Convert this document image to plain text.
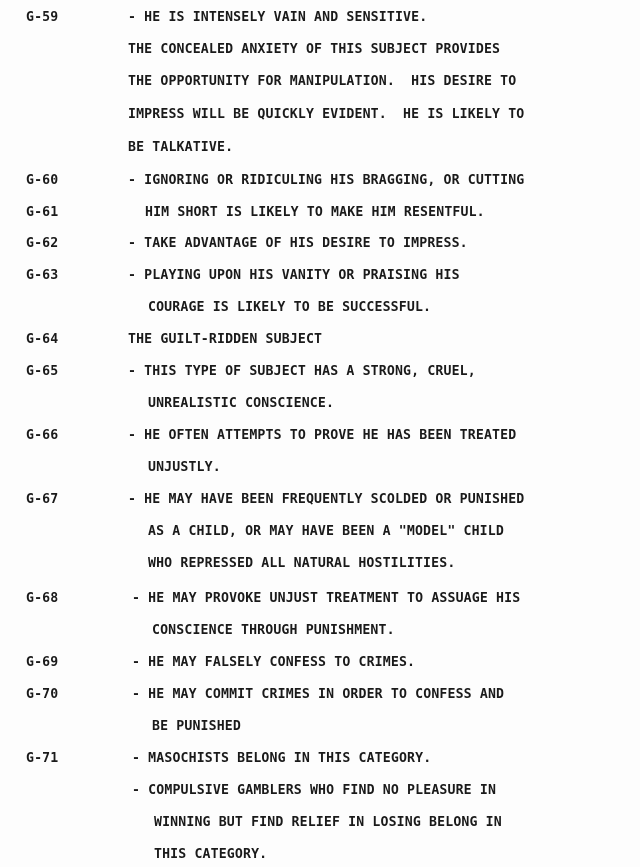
G-59	- HE IS INTENSELY VAIN AND SENSITIVE.
THE CONCEALED ANXIETY OF THIS SUBJECT PROVIDES
THE OPPORTUNITY FOR MANIPULATION.  HIS DESIRE TO
IMPRESS WILL BE QUICKLY EVIDENT.  HE IS LIKELY TO
BE TALKATIVE.
G-60	- IGNORING OR RIDICULING HIS BRAGGING, OR CUTTING
G-61	HIM SHORT IS LIKELY TO MAKE HIM RESENTFUL.
G-62	- TAKE ADVANTAGE OF HIS DESIRE TO IMPRESS.
G-63	- PLAYING UPON HIS VANITY OR PRAISING HIS
COURAGE IS LIKELY TO BE SUCCESSFUL.
G-64	THE GUILT-RIDDEN SUBJECT
G-65	- THIS TYPE OF SUBJECT HAS A STRONG, CRUEL,
UNREALISTIC CONSCIENCE.
G-66	- HE OFTEN ATTEMPTS TO PROVE HE HAS BEEN TREATED
UNJUSTLY.
G-67	- HE MAY HAVE BEEN FREQUENTLY SCOLDED OR PUNISHED
AS A CHILD, OR MAY HAVE BEEN A "MODEL" CHILD
WHO REPRESSED ALL NATURAL HOSTILITIES.
G-68	- HE MAY PROVOKE UNJUST TREATMENT TO ASSUAGE HIS
CONSCIENCE THROUGH PUNISHMENT.
G-69	- HE MAY FALSELY CONFESS TO CRIMES.
G-70	- HE MAY COMMIT CRIMES IN ORDER TO CONFESS AND
BE PUNISHED
G-71	- MASOCHISTS BELONG IN THIS CATEGORY.
- COMPULSIVE GAMBLERS WHO FIND NO PLEASURE IN
WINNING BUT FIND RELIEF IN LOSING BELONG IN
THIS CATEGORY.
